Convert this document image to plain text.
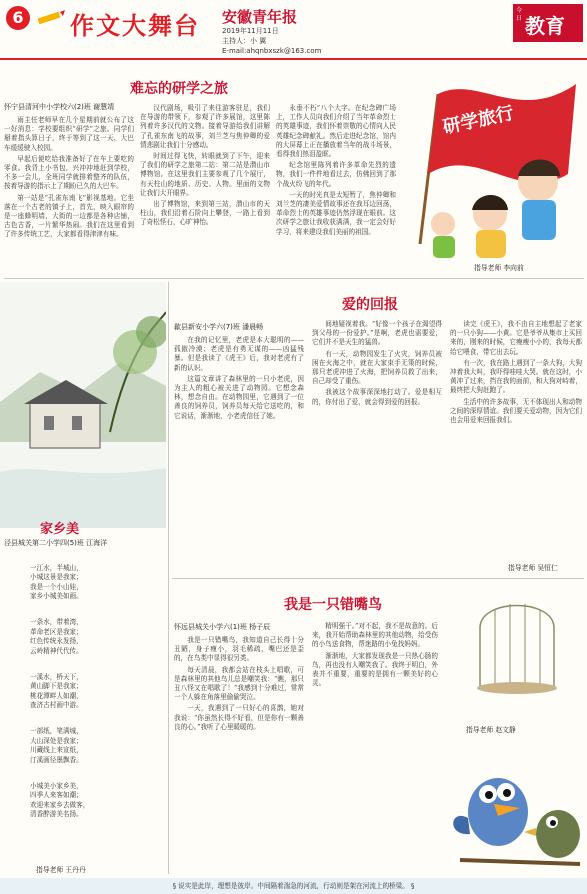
6 作文大舞台 安徽青年报
2019年11月11日
主持人：小 翼
E-mail:ahqnbxszk@163.com
今日 教育
难忘的研学之旅
怀宁县清河中小学校六(2)班 谢慧靖

雨主任老师早在几个星期前就公布了这一好消息：学校要组织“研学”之旅。同学们掰着指头算日子，终于等到了这一天，大巴车缓缓驶入校园。

早起后便吃给我准备好了在车上要吃的零食。我背上小书包，兴冲冲地赶到学校，不多一会儿，全班同学就排着整齐的队伍，按着导游的指示上了期盼已久的大巴车。

第一站是“孔雀东南飞”影视基地。它坐落在一个古老的镇子上，首先，映入眼帘的是一座蜂明墙，大街的一边都是各种店铺，古色古香，一片繁华热闹。我们在这里看到了许多传统工艺，大家都看得津津有味。

汉代剧场，吸引了来往游客驻足，我们在导游的带领下，参观了许多展馆，这里陈列着许多汉代的文物。接着导游给我们讲解了孔雀东南飞的故事，刘兰芝与焦仲卿的爱情悲剧让我们十分感动。

时间过得飞快，转眼就到了下午，迎来了我们的研学之旅第二站：第二站是潜山市博物馆。在这里我们主要参观了几个展厅，有天柱山的地质、历史、人物。里面的文物让我们大开眼界。

出了博物馆，来到第三站，潜山市的天柱山，我们沿着石阶向上攀登，一路上看到了奇松怪石，心旷神怡。

永垂不朽”八个大字。在纪念碑广场上，工作人员向我们介绍了当年革命烈士的英雄事迹，我们怀着崇敬的心情向人民英雄纪念碑献礼。然后走进纪念馆，馆内的大屏幕上正在播放着当年的战斗场景，看得我们热泪盈眶。

纪念馆里陈列着许多革命先烈的遗物，我们一件件地看过去，仿佛回到了那个战火纷飞的年代。

一天的时光真是太短暂了，焦仲卿和刘兰芝的凄美爱情故事还在我耳边回荡，革命烈士的英雄事迹仍然浮现在眼前。这次研学之旅让我收获满满，我一定会好好学习，将来建设我们美丽的祖国。

研学旅行
指导老师 李向前
家乡美
泾县城关第二小学四(5)班 江海洋

一江水，半城山，
小城这景是我家；
我是一个小山娃，
家乡小城美如画。

一条水，带着湾，
革命老区是我家；
红色传统永发扬，
云岭精神代代传。

一溪水，桥天下，
黄山脚下是我家；
桃花潭畔人如潮，
查济古村画中游。

一部纸，笔满城，
大山深处是我家；
川藏线上来宣纸，
汀溪画径墨飘香。

小城美小家乡美，
四季人来客如潮；
欢迎来家乡去做客，
清香醉游美名扬。

指导老师 王丹丹
爱的回报
歙县新安小学六(7)班 潘晨畅

在我的记忆里，老虎是本大聪明的——孤傲冷漠；老虎是有勇无谋的——凶猛残暴。但是我读了《虎王》后，我对老虎有了新的认识。

这篇文章讲了森林里的一只小老虎，因为主人的粗心被关进了动物园。它想念森林，想念自由。在动物园里，它遇到了一位善良的饲养员，饲养员每天给它送吃的，和它说话，渐渐地，小老虎信任了她。

间地疑视着我。“好像一个孩子在渴望得到父母的一份爱护。”是啊，老虎也需要爱，它们并不是天生的猛兽。

有一天，动物园发生了火灾，饲养员被困在火海之中，就在大家束手无策的时候，那只老虎冲进了火海，把饲养员救了出来，自己却受了重伤。

我被这个故事深深地打动了。爱是相互的，你付出了爱，就会得到爱的回报。

读完《虎王》，我不由自主地想起了老家的一只小狗——小黄。它是爷爷从集市上买回来的，刚来的时候，它瘦瘦小小的，我每天都给它喂食，带它出去玩。

有一次，我在路上遇到了一条大狗，大狗冲着我大叫，我吓得哇哇大哭。就在这时，小黄冲了过来，挡在我的面前，和大狗对峙着，最终把大狗赶跑了。

生活中的许多故事，无不体现出人和动物之间的深厚情谊。我们要关爱动物，因为它们也会用爱来回报我们。

指导老师 吴恒仁
我是一只错嘴鸟
怀远县城关小学六(1)班 杨子辰

我是一只错嘴鸟，我知道自己长得十分丑陋，身子瘦小，羽毛稀疏，嘴巴还是歪的，在鸟类中显得很另类。

每天清晨，我都会站在枝头上唱歌，可是森林里的其他鸟儿总是嘲笑我：“瞧，那只丑八怪又在唱歌了！”我感到十分难过，常常一个人躲在角落里偷偷哭泣。

一天，我遇到了一只好心的喜鹊，她对我说：“你虽然长得不好看，但是你有一颗善良的心。”我听了心里暖暖的。

精明强干。”对不起，我不是故意的。后来，我开始帮助森林里的其他动物，给受伤的小鸟送食物，帮迷路的小兔找妈妈。

渐渐地，大家都发现我是一只热心肠的鸟，再也没有人嘲笑我了。我终于明白，外表并不重要，重要的是拥有一颗美好的心灵。

指导老师 赵文静
§ 说实是此岸，理想是彼岸。中间隔着湍急的河流，行动则是架在河流上的桥梁。 §
